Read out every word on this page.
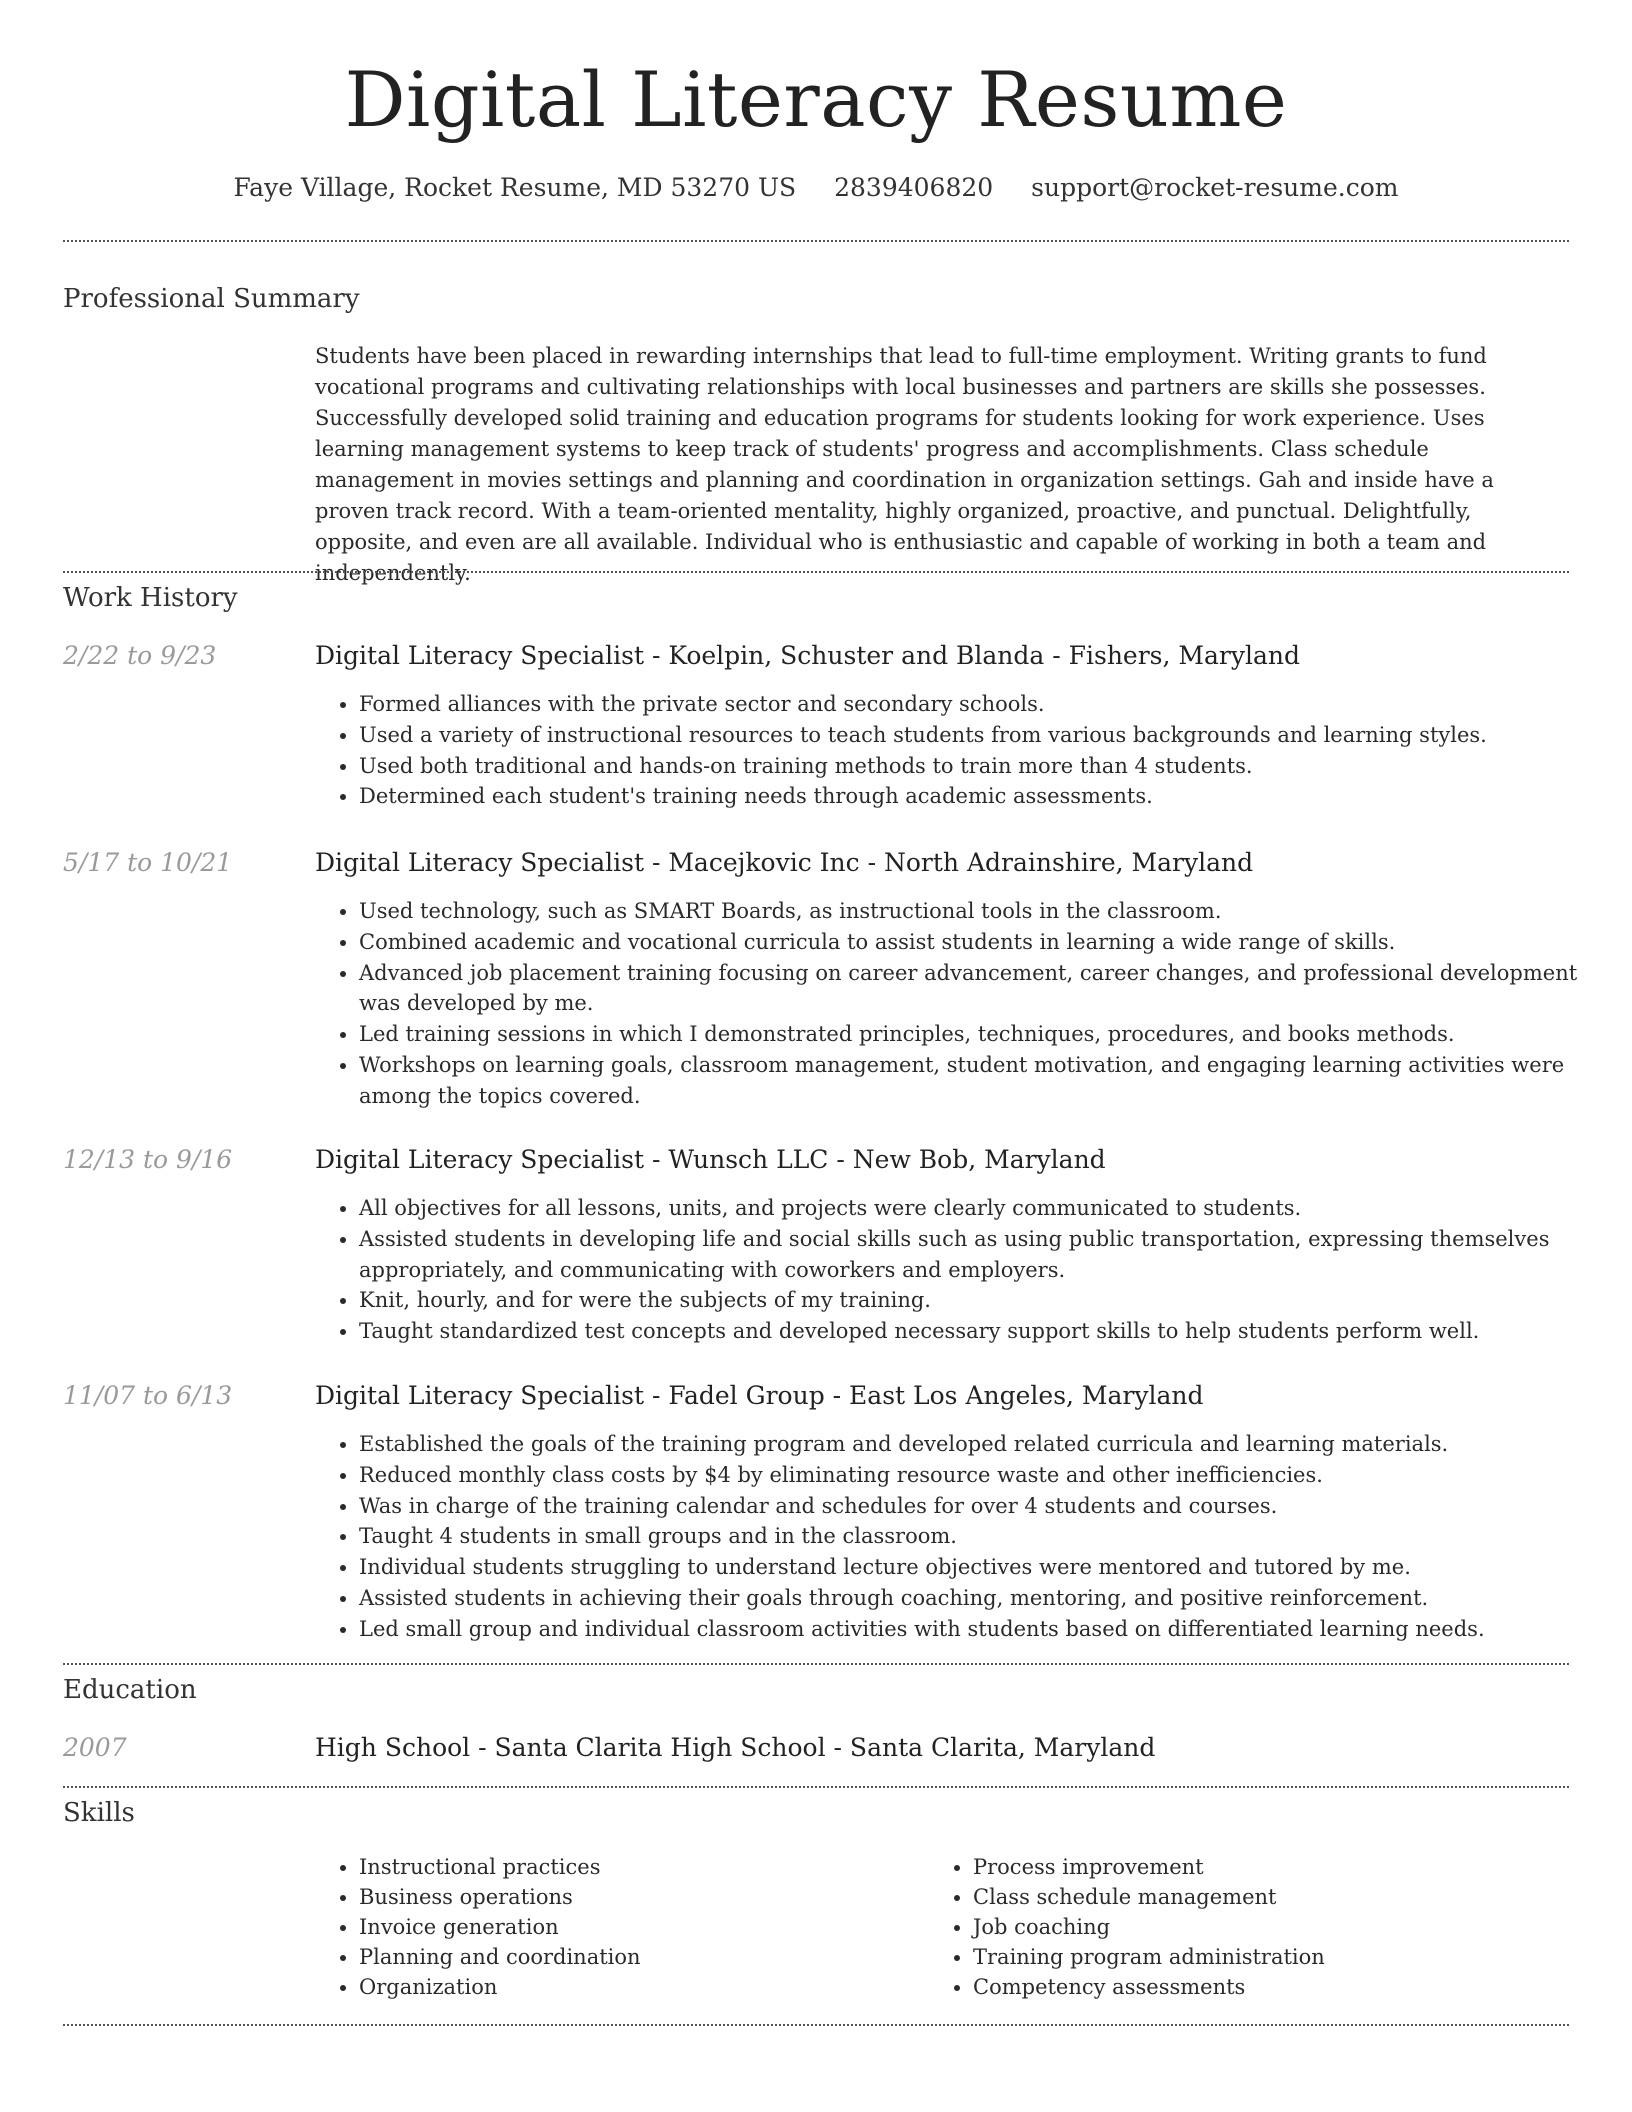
Digital Literacy Resume
Faye Village, Rocket Resume, MD 53270 US 2839406820 support@rocket-resume.com
Professional Summary

Students have been placed in rewarding internships that lead to full-time employment. Writing grants to fund vocational programs and cultivating relationships with local businesses and partners are skills she possesses. Successfully developed solid training and education programs for students looking for work experience. Uses learning management systems to keep track of students' progress and accomplishments. Class schedule management in movies settings and planning and coordination in organization settings. Gah and inside have a proven track record. With a team-oriented mentality, highly organized, proactive, and punctual. Delightfully, opposite, and even are all available. Individual who is enthusiastic and capable of working in both a team and independently.

Work History
2/22 to 9/23	Digital Literacy Specialist - Koelpin, Schuster and Blanda - Fishers, Maryland
• Formed alliances with the private sector and secondary schools.
• Used a variety of instructional resources to teach students from various backgrounds and learning styles.
• Used both traditional and hands-on training methods to train more than 4 students.
• Determined each student's training needs through academic assessments.
5/17 to 10/21	Digital Literacy Specialist - Macejkovic Inc - North Adrainshire, Maryland
• Used technology, such as SMART Boards, as instructional tools in the classroom.
• Combined academic and vocational curricula to assist students in learning a wide range of skills.
• Advanced job placement training focusing on career advancement, career changes, and professional development was developed by me.
• Led training sessions in which I demonstrated principles, techniques, procedures, and books methods.
• Workshops on learning goals, classroom management, student motivation, and engaging learning activities were among the topics covered.
12/13 to 9/16	Digital Literacy Specialist - Wunsch LLC - New Bob, Maryland
• All objectives for all lessons, units, and projects were clearly communicated to students.
• Assisted students in developing life and social skills such as using public transportation, expressing themselves appropriately, and communicating with coworkers and employers.
• Knit, hourly, and for were the subjects of my training.
• Taught standardized test concepts and developed necessary support skills to help students perform well.
11/07 to 6/13	Digital Literacy Specialist - Fadel Group - East Los Angeles, Maryland
• Established the goals of the training program and developed related curricula and learning materials.
• Reduced monthly class costs by $4 by eliminating resource waste and other inefficiencies.
• Was in charge of the training calendar and schedules for over 4 students and courses.
• Taught 4 students in small groups and in the classroom.
• Individual students struggling to understand lecture objectives were mentored and tutored by me.
• Assisted students in achieving their goals through coaching, mentoring, and positive reinforcement.
• Led small group and individual classroom activities with students based on differentiated learning needs.
Education
2007	High School - Santa Clarita High School - Santa Clarita, Maryland
Skills
• Instructional practices
• Business operations
• Invoice generation
• Planning and coordination
• Organization
• Process improvement
• Class schedule management
• Job coaching
• Training program administration
• Competency assessments
